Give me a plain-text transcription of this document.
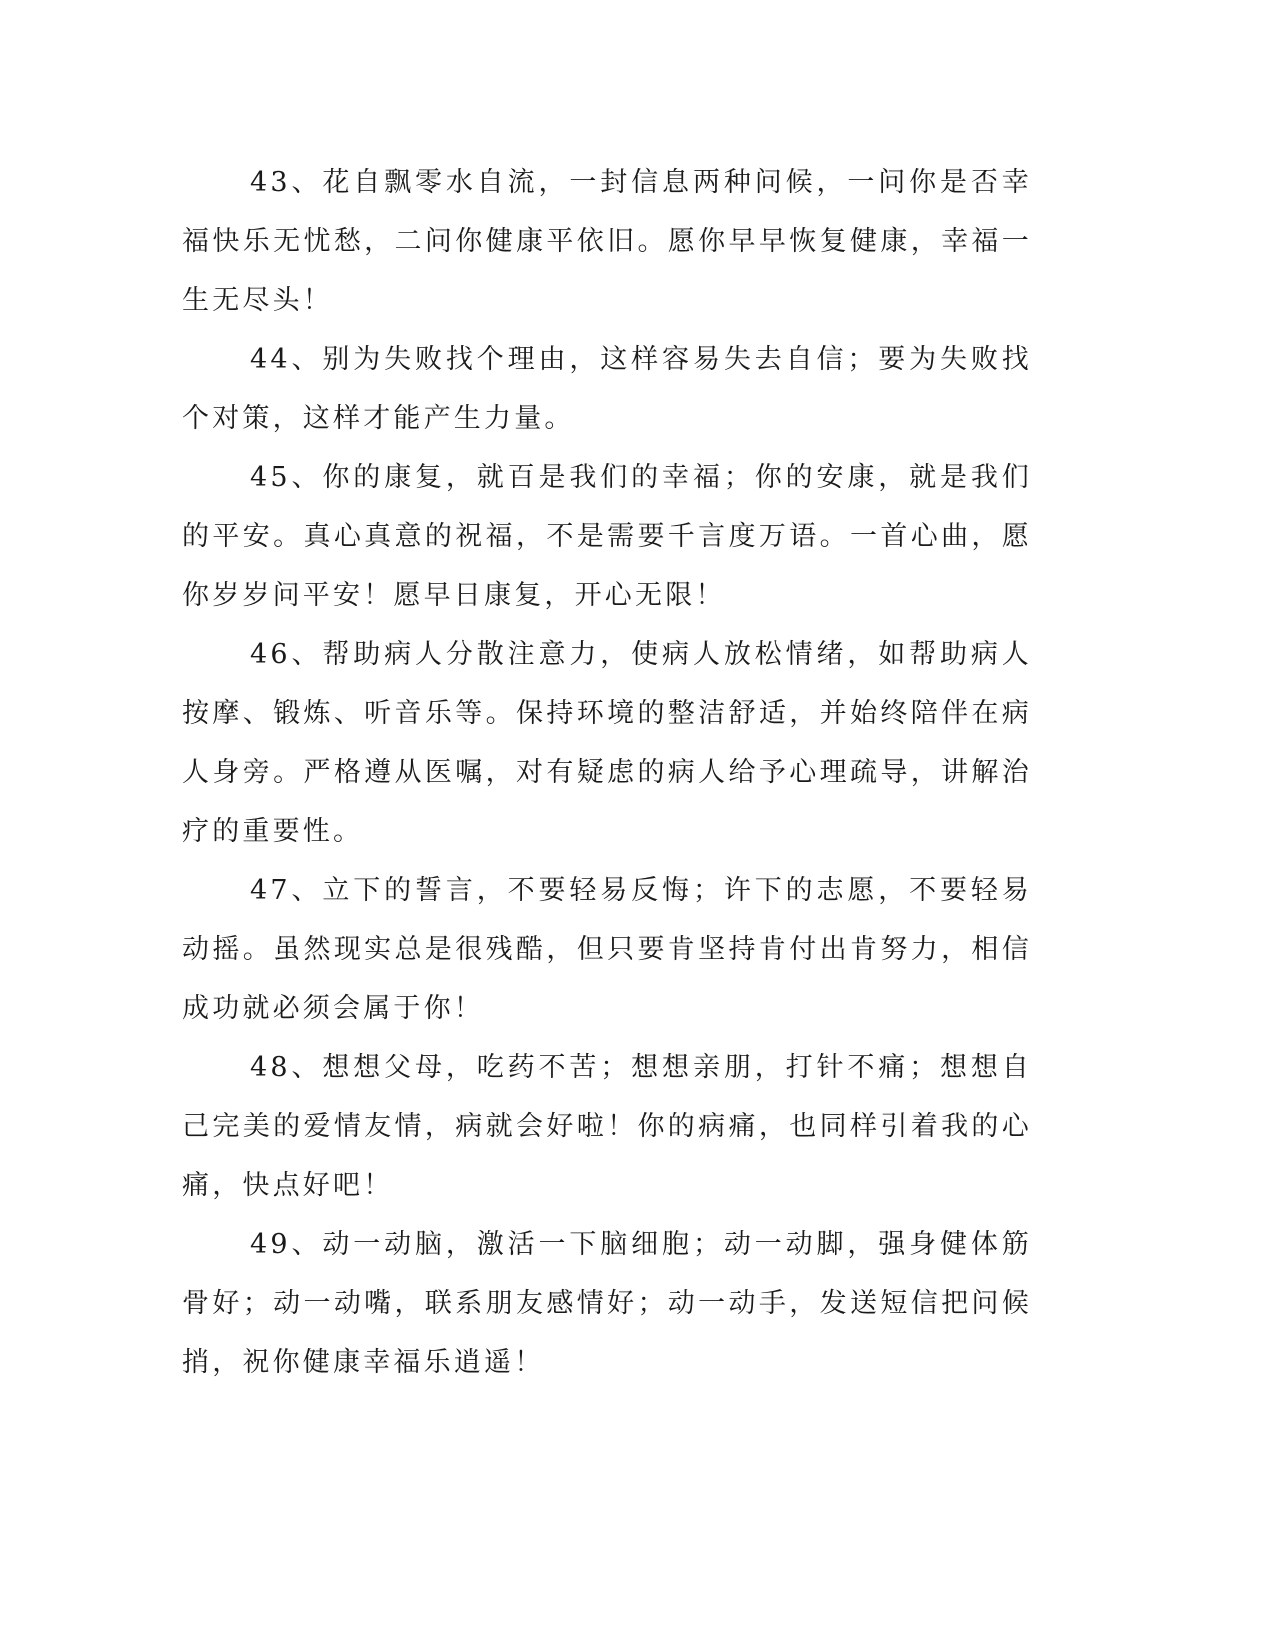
43、花自飘零水自流，一封信息两种问候，一问你是否幸福快乐无忧愁，二问你健康平依旧。愿你早早恢复健康，幸福一生无尽头！

44、别为失败找个理由，这样容易失去自信；要为失败找个对策，这样才能产生力量。

45、你的康复，就百是我们的幸福；你的安康，就是我们的平安。真心真意的祝福，不是需要千言度万语。一首心曲，愿你岁岁问平安！愿早日康复，开心无限！

46、帮助病人分散注意力，使病人放松情绪，如帮助病人按摩、锻炼、听音乐等。保持环境的整洁舒适，并始终陪伴在病人身旁。严格遵从医嘱，对有疑虑的病人给予心理疏导，讲解治疗的重要性。

47、立下的誓言，不要轻易反悔；许下的志愿，不要轻易动摇。虽然现实总是很残酷，但只要肯坚持肯付出肯努力，相信成功就必须会属于你！

48、想想父母，吃药不苦；想想亲朋，打针不痛；想想自己完美的爱情友情，病就会好啦！你的病痛，也同样引着我的心痛，快点好吧！

49、动一动脑，激活一下脑细胞；动一动脚，强身健体筋骨好；动一动嘴，联系朋友感情好；动一动手，发送短信把问候捎，祝你健康幸福乐逍遥！
